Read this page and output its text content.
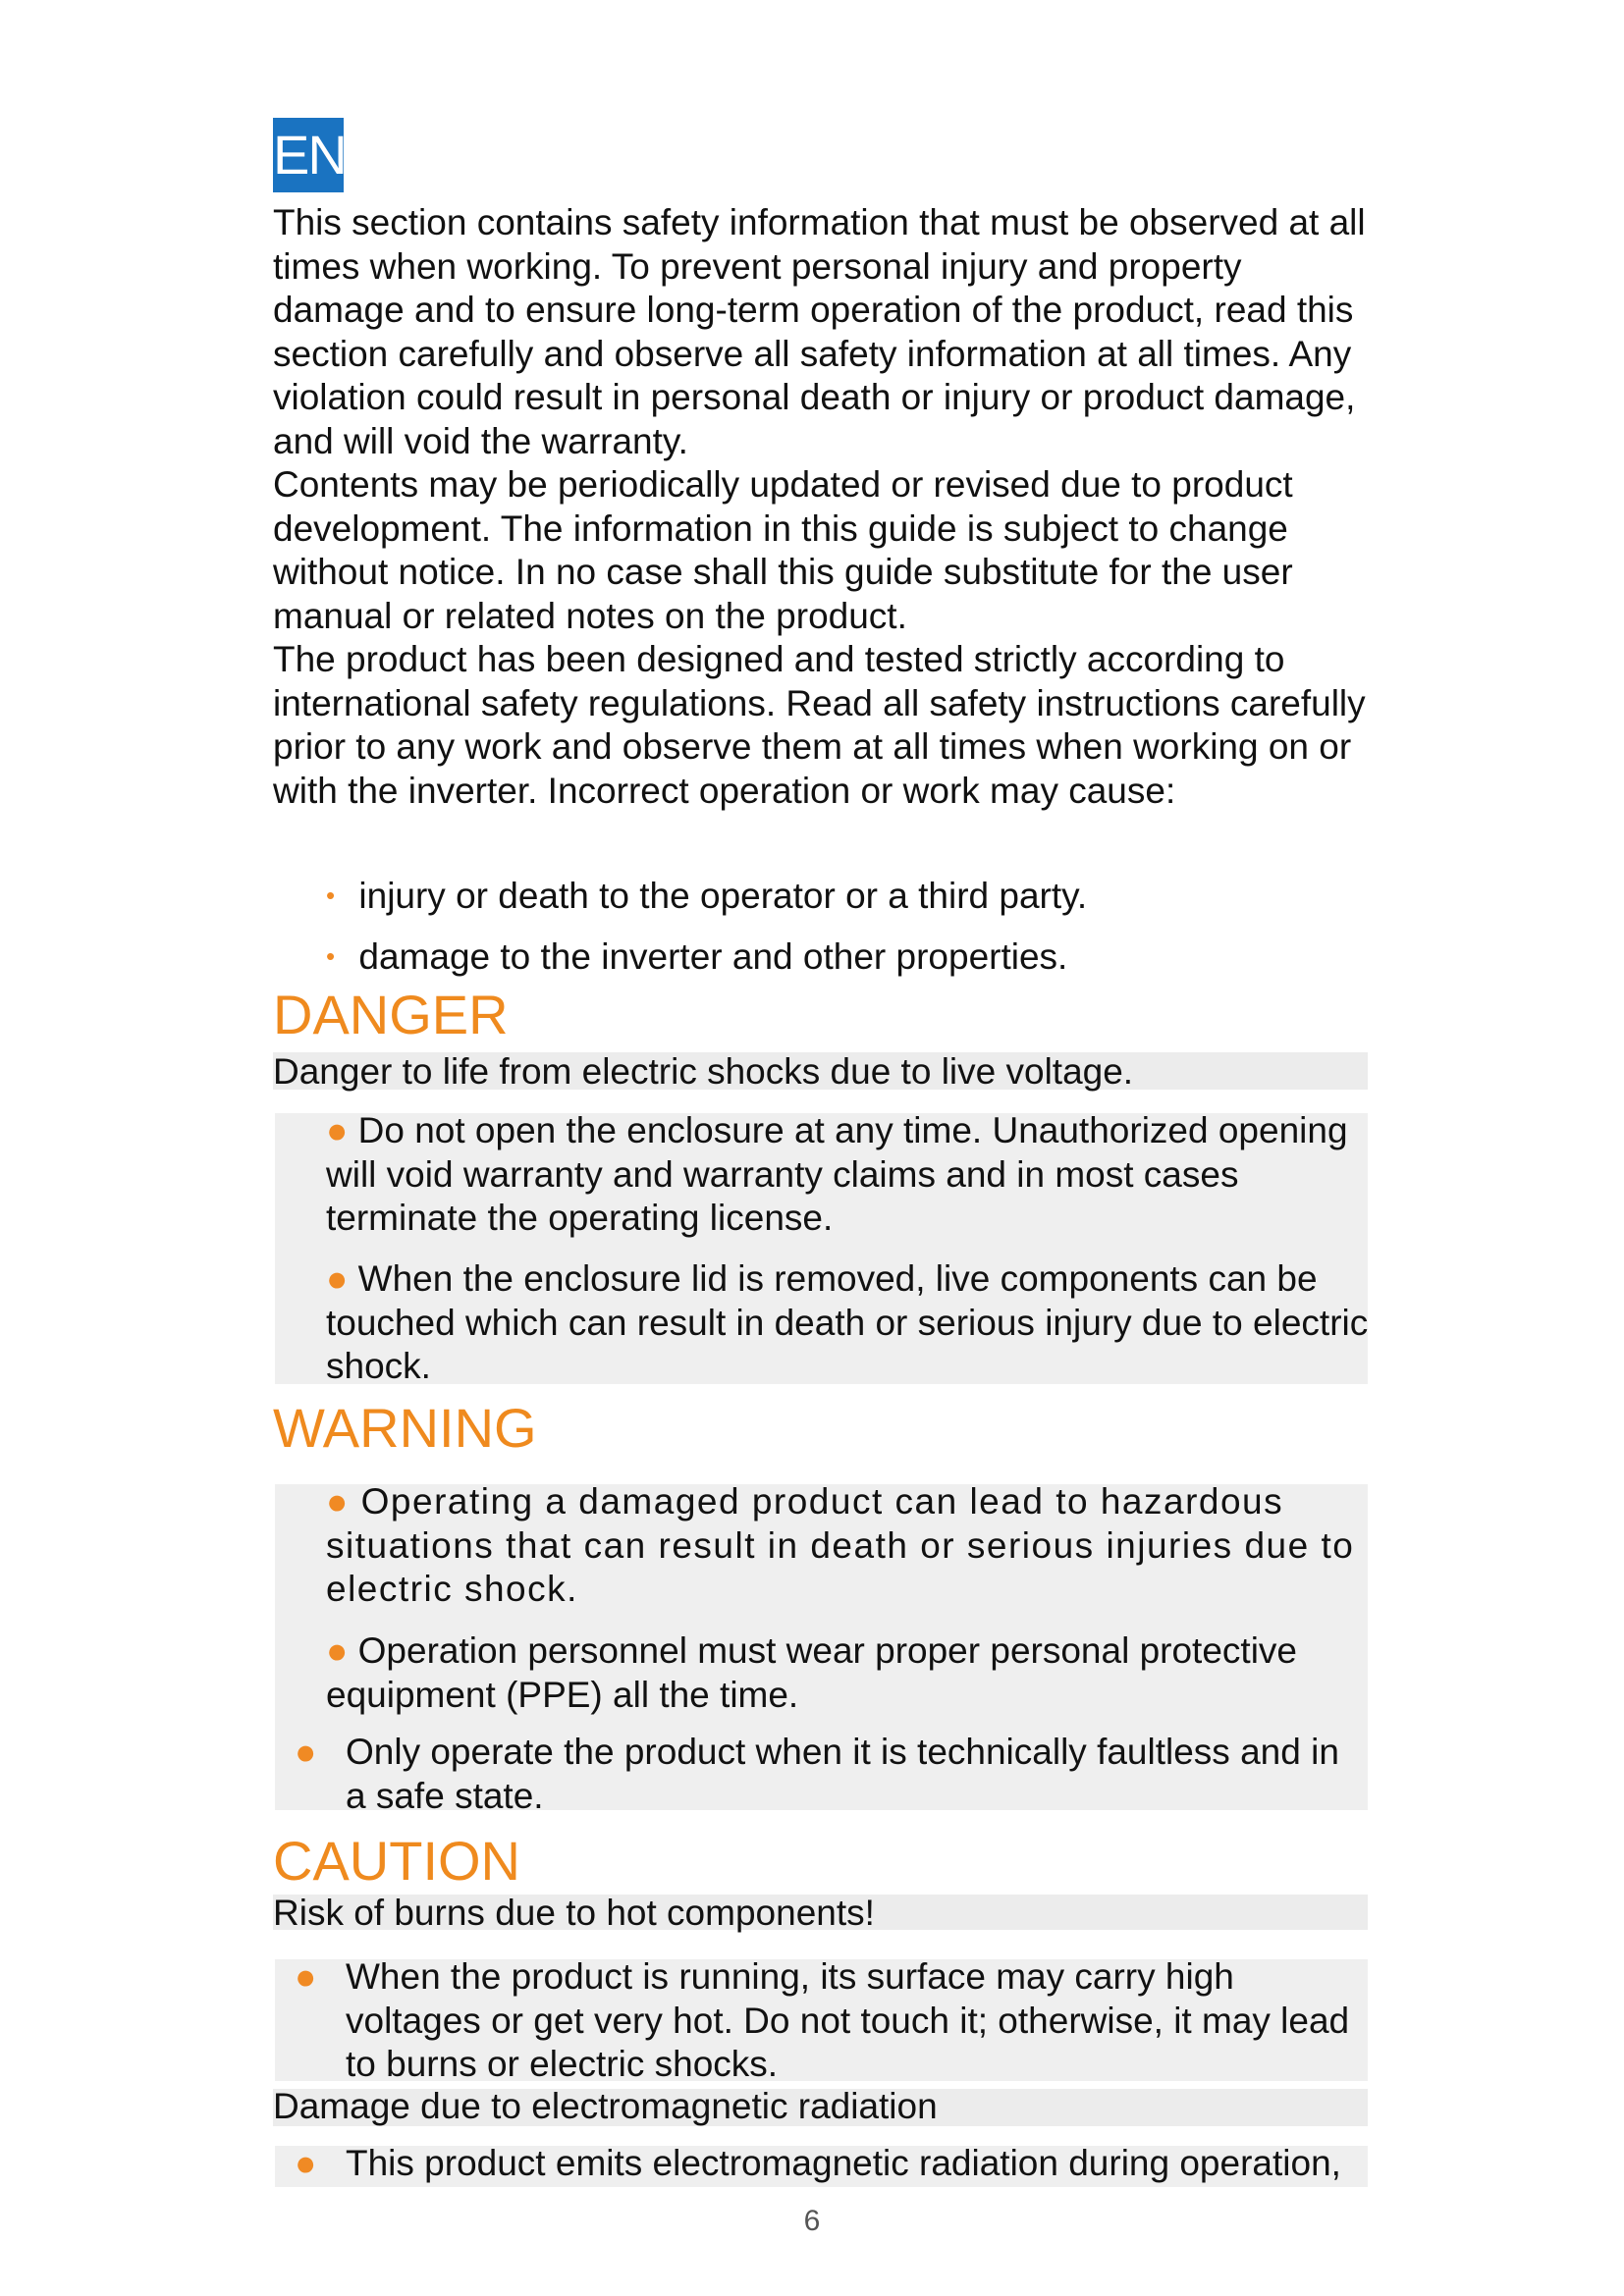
EN

This section contains safety information that must be observed at all times when working. To prevent personal injury and property damage and to ensure long-term operation of the product, read this section carefully and observe all safety information at all times. Any violation could result in personal death or injury or product damage, and will void the warranty.

Contents may be periodically updated or revised due to product development. The information in this guide is subject to change without notice. In no case shall this guide substitute for the user manual or related notes on the product.

The product has been designed and tested strictly according to international safety regulations. Read all safety instructions carefully prior to any work and observe them at all times when working on or with the inverter. Incorrect operation or work may cause:

• injury or death to the operator or a third party.
• damage to the inverter and other properties.
DANGER
Danger to life from electric shocks due to live voltage.

● Do not open the enclosure at any time. Unauthorized opening will void warranty and warranty claims and in most cases terminate the operating license.

● When the enclosure lid is removed, live components can be touched which can result in death or serious injury due to electric shock.

WARNING

● Operating a damaged product can lead to hazardous situations that can result in death or serious injuries due to electric shock.

● Operation personnel must wear proper personal protective equipment (PPE) all the time.

● Only operate the product when it is technically faultless and in a safe state.

CAUTION
Risk of burns due to hot components!
● When the product is running, its surface may carry high voltages or get very hot. Do not touch it; otherwise, it may lead to burns or electric shocks.

Damage due to electromagnetic radiation
● This product emits electromagnetic radiation during operation,

6
